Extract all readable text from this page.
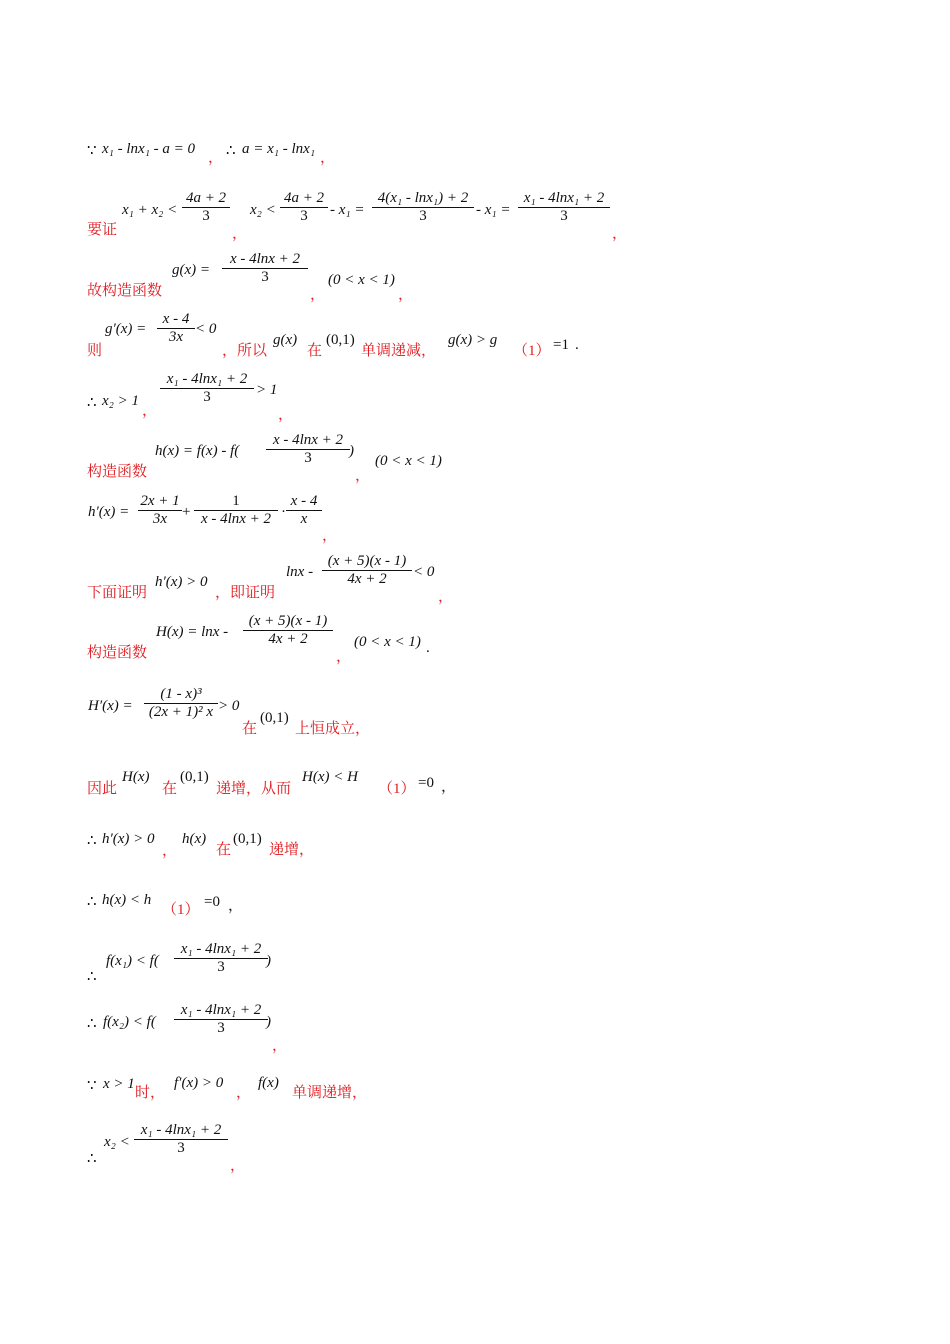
∵ x₁ - lnx₁ - a = 0
， ∴ a = x₁ - lnx₁
，
要证
x₁ + x₂ <
4a + 2
3
，
x₂ <
4a + 2
3	- x₁ =
4(x₁ - lnx₁) + 2
3	- x₁ =
x₁ - 4lnx₁ + 2
3
，
故构造函数
g(x) =
x - 4lnx + 2
3
，
(0 < x < 1)
，
则
g′(x) =
x - 4
3x < 0
，所以
g(x)
在
(0,1)
单调递减，
g(x) > g
（1） =1 .
∴ x₂ > 1
，
x₁ - 4lnx₁ + 2
3	> 1
，
构造函数
h(x) = f(x) - f(
x - 4lnx + 2
3	)
，
(0 < x < 1)
h′(x) =
2x + 1
3x +
1
x - 4lnx + 2 ·
x - 4
x
，
下面证明
h′(x) > 0
，即证明
lnx -
(x + 5)(x - 1)
4x + 2	< 0
，
构造函数
H(x) = lnx -
(x + 5)(x - 1)
4x + 2
，
(0 < x < 1) .
H′(x) =
(1 - x)³
(2x + 1)² x > 0
在
(0,1)
上恒成立，
因此
H(x)
在
(0,1)
递增，从而
H(x) < H
（1） =0 ，
∴ h′(x) > 0
，
h(x)
在
(0,1)
递增，
∴ h(x) < h
（1） =0 ，
∴
f(x₁) < f(
x₁ - 4lnx₁ + 2
3	)
∴ f(x₂) < f(
x₁ - 4lnx₁ + 2
3	)
，
∵ x > 1
时，
f′(x) > 0
，
f(x)
单调递增，
∴
x₂ <
x₁ - 4lnx₁ + 2
3
，
